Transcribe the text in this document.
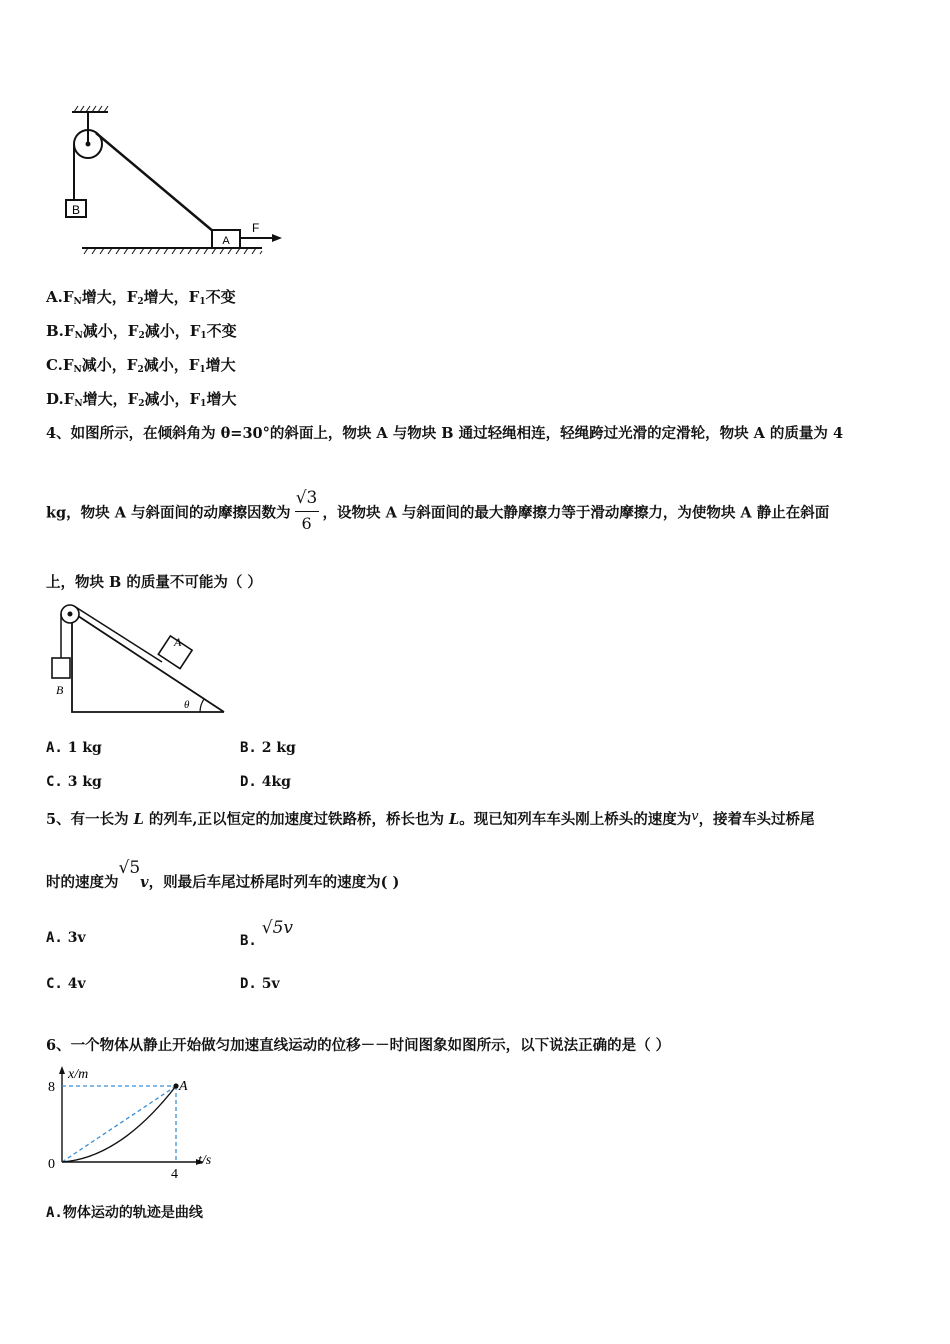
B
A
F
$A.F_N$增大，$F_2$增大，$F_1$不变
$B.F_N$减小，$F_2$减小，$F_1$不变
$C.F_N$减小，$F_2$减小，$F_1$增大
$D.F_N$增大，$F_2$减小，$F_1$增大
4、如图所示，在倾斜角为 θ=30°的斜面上，物块 A 与物块 B 通过轻绳相连，轻绳跨过光滑的定滑轮，物块 A 的质量为 4
kg，物块 A 与斜面间的动摩擦因数为 $\frac{√3}{6}$ ，设物块 A 与斜面间的最大静摩擦力等于滑动摩擦力，为使物块 A 静止在斜面
上，物块 B 的质量不可能为（ ）
B
A
θ
A. 1 kg	B. 2 kg
C. 3 kg	D. 4kg
5、有一长为 L 的列车,正以恒定的加速度过铁路桥，桥长也为 L。现已知列车车头刚上桥头的速度为v，接着车头过桥尾
时的速度为√5v，则最后车尾过桥尾时列车的速度为( )
A. 3v	B. √5v
C. 4v	D. 5v
6、一个物体从静止开始做匀加速直线运动的位移－－时间图象如图所示，以下说法正确的是（ ）
x/m
t/s
8
4
0
A
A.物体运动的轨迹是曲线
